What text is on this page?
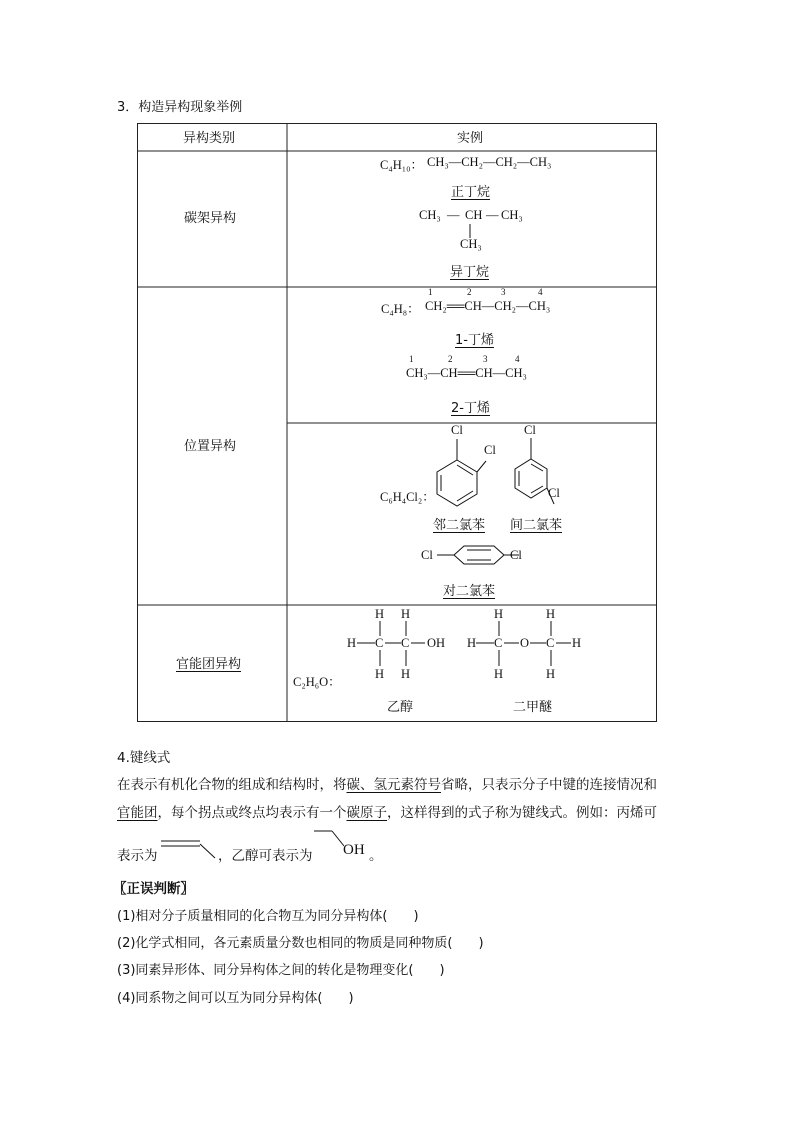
3．构造异构现象举例
异构类别	实例
碳架异构
C₄H₁₀： CH₃—CH₂—CH₂—CH₃
正丁烷
CH₃ — CH — CH₃
CH₃
异丁烷
位置异构
1	2	3	4
C₄H₈： CH₂══CH—CH₂—CH₃
1-丁烯
1	2	3	4
CH₃—CH══CH—CH₃
2-丁烯
Cl
Cl
Cl
Cl
C₆H₄Cl₂：
邻二氯苯 间二氯苯
Cl	Cl
对二氯苯
官能团异构
H H
H C C OH
H H
H	H
H C O C H
H	H
C₂H₆O：
乙醇	二甲醚
4.键线式
在表示有机化合物的组成和结构时，将碳、氢元素符号省略，只表示分子中键的连接情况和
官能团，每个拐点或终点均表示有一个碳原子，这样得到的式子称为键线式。例如：丙烯可
表示为	，乙醇可表示为 OH 。
〖正误判断〗
(1)相对分子质量相同的化合物互为同分异构体(　　)
(2)化学式相同，各元素质量分数也相同的物质是同种物质(　　)
(3)同素异形体、同分异构体之间的转化是物理变化(　　)
(4)同系物之间可以互为同分异构体(　　)
